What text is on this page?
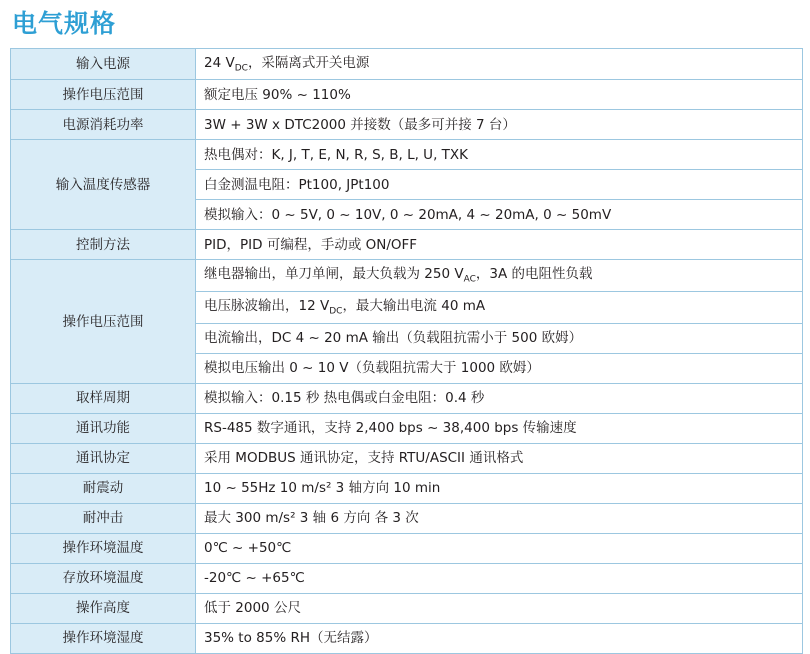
电气规格
输入电源	24 $V_{DC}$，采隔离式开关电源
操作电压范围	额定电压 90% ~ 110%
电源消耗功率	3W + 3W x DTC2000 并接数（最多可并接 7 台）
输入温度传感器	热电偶对：K, J, T, E, N, R, S, B, L, U, TXK
	白金测温电阻：Pt100, JPt100
	模拟输入：0 ~ 5V, 0 ~ 10V, 0 ~ 20mA, 4 ~ 20mA, 0 ~ 50mV
控制方法	PID，PID 可编程，手动或 ON/OFF
操作电压范围	继电器输出，单刀单闸，最大负载为 250 $V_{AC}$，3A 的电阻性负载
	电压脉波输出，12 $V_{DC}$，最大输出电流 40 mA
	电流输出，DC 4 ~ 20 mA 输出（负载阻抗需小于 500 欧姆）
	模拟电压输出 0 ~ 10 V（负载阻抗需大于 1000 欧姆）
取样周期	模拟输入：0.15 秒 热电偶或白金电阻：0.4 秒
通讯功能	RS-485 数字通讯，支持 2,400 bps ~ 38,400 bps 传输速度
通讯协定	采用 MODBUS 通讯协定，支持 RTU/ASCII 通讯格式
耐震动	10 ~ 55Hz 10 m/s² 3 轴方向 10 min
耐冲击	最大 300 m/s² 3 轴 6 方向 各 3 次
操作环境温度	0℃ ~ +50℃
存放环境温度	-20℃ ~ +65℃
操作高度	低于 2000 公尺
操作环境湿度	35% to 85% RH（无结露）
